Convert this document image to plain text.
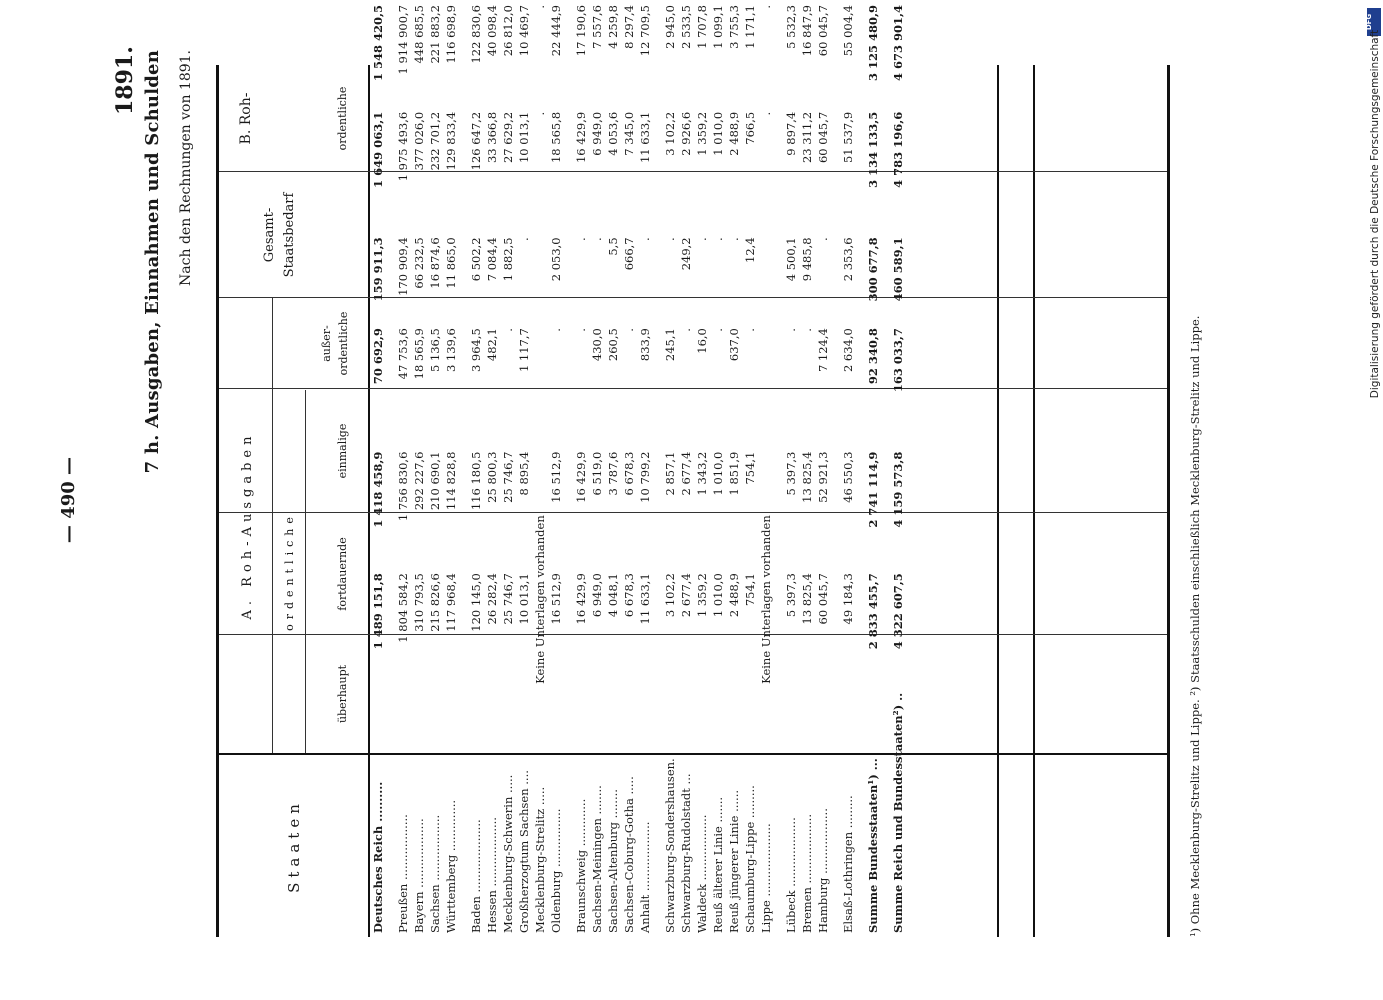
— 490 —
1891. 7 h. Ausgaben, Einnahmen und Schulden Nach den Rechnungen von 1891.
Staaten
A. Roh-Ausgaben	ordentliche
überhaupt
fortdauernde
einmalige
außer- ordentliche
Gesamt- Staatsbedarf
B. Roh-	ordentliche
Deutsches Reich ..........	1 489 151,8	1 418 458,9	70 692,9	159 911,3	1 649 063,1	1 548 420,5

Preußen ..................	1 804 584,2	1 756 830,6	47 753,6	170 909,4	1 975 493,6	1 914 900,7
Bayern ...................	310 793,5	292 227,6	18 565,9	66 232,5	377 026,0	448 685,5
Sachsen ..................	215 826,6	210 690,1	5 136,5	16 874,6	232 701,2	221 883,2
Württemberg ..............	117 968,4	114 828,8	3 139,6	11 865,0	129 833,4	116 698,9

Baden ....................	120 145,0	116 180,5	3 964,5	6 502,2	126 647,2	122 830,6
Hessen ...................	26 282,4	25 800,3	482,1	7 084,4	33 366,8	40 098,4
Mecklenburg-Schwerin .....	25 746,7	25 746,7	.	1 882,5	27 629,2	26 812,0
Großherzogtum Sachsen ....	10 013,1	8 895,4	1 117,7	.	10 013,1	10 469,7
Mecklenburg-Strelitz .....	Keine Unterlagen vorhanden				.	.
Oldenburg ................	16 512,9	16 512,9	.	2 053,0	18 565,8	22 444,9

Braunschweig .............	16 429,9	16 429,9	.	.	16 429,9	17 190,6
Sachsen-Meiningen ........	6 949,0	6 519,0	430,0	.	6 949,0	7 557,6
Sachsen-Altenburg ........	4 048,1	3 787,6	260,5	5,5	4 053,6	4 259,8
Sachsen-Coburg-Gotha .....	6 678,3	6 678,3	.	666,7	7 345,0	8 297,4
Anhalt ...................	11 633,1	10 799,2	833,9	.	11 633,1	12 709,5

Schwarzburg-Sondershausen.	3 102,2	2 857,1	245,1	.	3 102,2	2 945,0
Schwarzburg-Rudolstadt ...	2 677,4	2 677,4	.	249,2	2 926,6	2 533,5
Waldeck ..................	1 359,2	1 343,2	16,0	.	1 359,2	1 707,8
Reuß älterer Linie .......	1 010,0	1 010,0	.	.	1 010,0	1 099,1
Reuß jüngerer Linie ......	2 488,9	1 851,9	637,0	.	2 488,9	3 755,3
Schaumburg-Lippe .........	754,1	754,1	.	12,4	766,5	1 171,1
Lippe ....................	Keine Unterlagen vorhanden				.	.

Lübeck ...................	5 397,3	5 397,3	.	4 500,1	9 897,4	5 532,3
Bremen ...................	13 825,4	13 825,4	.	9 485,8	23 311,2	16 847,9
Hamburg ..................	60 045,7	52 921,3	7 124,4	.	60 045,7	60 045,7

Elsaß-Lothringen .........	49 184,3	46 550,3	2 634,0	2 353,6	51 537,9	55 004,4

Summe Bundesstaaten¹) ...	2 833 455,7	2 741 114,9	92 340,8	300 677,8	3 134 133,5	3 125 480,9

Summe Reich und Bundesstaaten²) ..	4 322 607,5	4 159 573,8	163 033,7	460 589,1	4 783 196,6	4 673 901,4
¹) Ohne Mecklenburg-Strelitz und Lippe. ²) Staatsschulden einschließlich Mecklenburg-Strelitz und Lippe.
DFG
Digitalisierung gefördert durch die Deutsche Forschungsgemeinschaft
